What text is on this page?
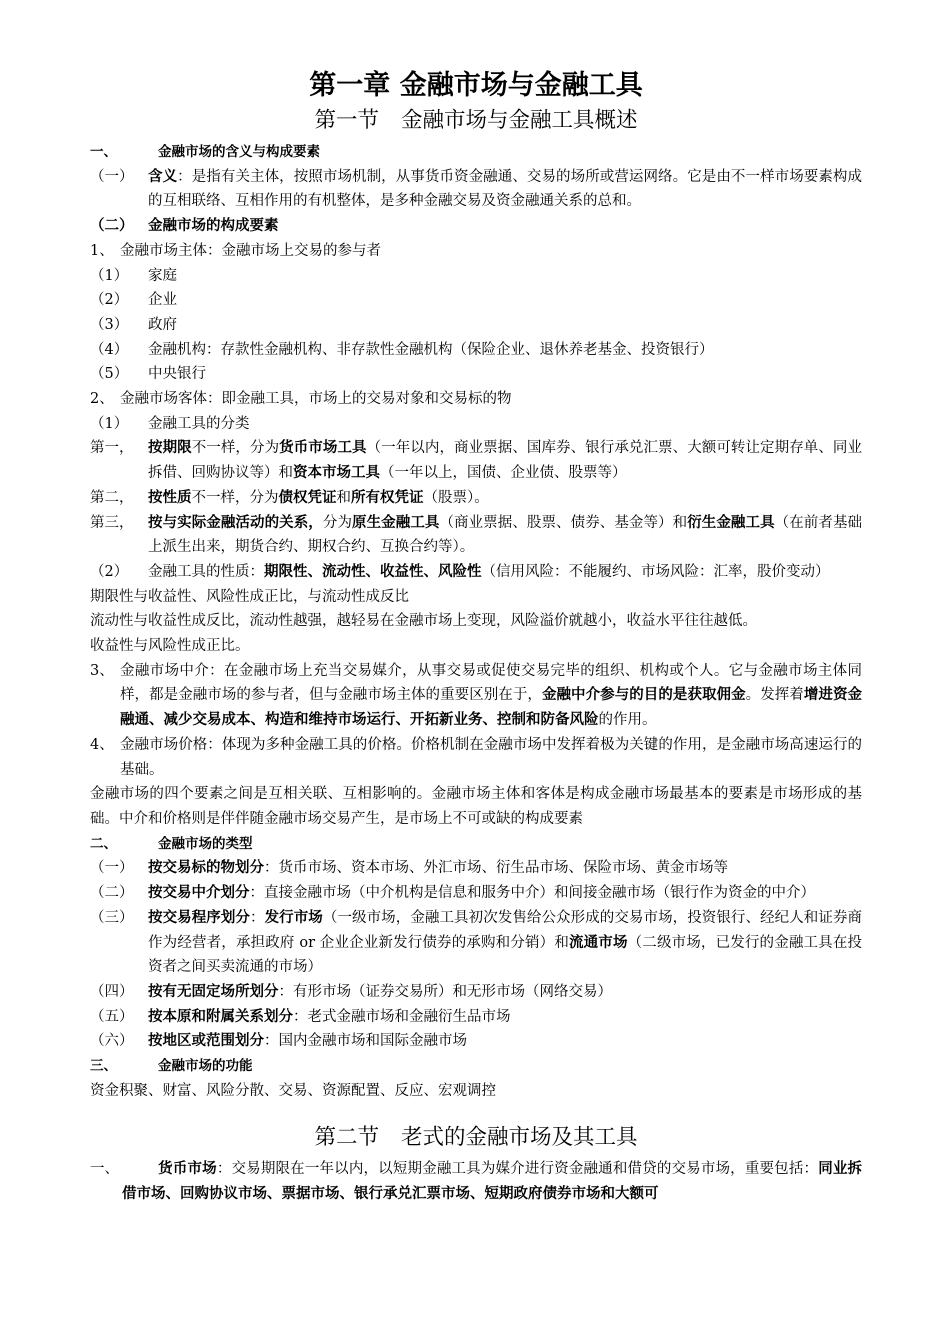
第一章 金融市场与金融工具
第一节 金融市场与金融工具概述
一、	金融市场的含义与构成要素
（一） 含义：是指有关主体，按照市场机制，从事货币资金融通、交易的场所或营运网络。它是由不一样市场要素构成的互相联络、互相作用的有机整体，是多种金融交易及资金融通关系的总和。
（二） 金融市场的构成要素
1、 金融市场主体：金融市场上交易的参与者
（1） 家庭
（2） 企业
（3） 政府
（4） 金融机构：存款性金融机构、非存款性金融机构（保险企业、退休养老基金、投资银行）
（5） 中央银行
2、 金融市场客体：即金融工具，市场上的交易对象和交易标的物
（1） 金融工具的分类
第一， 按期限不一样，分为货币市场工具（一年以内，商业票据、国库券、银行承兑汇票、大额可转让定期存单、同业拆借、回购协议等）和资本市场工具（一年以上，国债、企业债、股票等）
第二， 按性质不一样，分为债权凭证和所有权凭证（股票）。
第三， 按与实际金融活动的关系，分为原生金融工具（商业票据、股票、债券、基金等）和衍生金融工具（在前者基础上派生出来，期货合约、期权合约、互换合约等）。
（2） 金融工具的性质：期限性、流动性、收益性、风险性（信用风险：不能履约、市场风险：汇率，股价变动）
期限性与收益性、风险性成正比，与流动性成反比
流动性与收益性成反比，流动性越强，越轻易在金融市场上变现，风险溢价就越小，收益水平往往越低。
收益性与风险性成正比。
3、 金融市场中介：在金融市场上充当交易媒介，从事交易或促使交易完毕的组织、机构或个人。它与金融市场主体同样，都是金融市场的参与者，但与金融市场主体的重要区别在于，金融中介参与的目的是获取佣金。发挥着增进资金融通、减少交易成本、构造和维持市场运行、开拓新业务、控制和防备风险的作用。
4、 金融市场价格：体现为多种金融工具的价格。价格机制在金融市场中发挥着极为关键的作用，是金融市场高速运行的基础。
金融市场的四个要素之间是互相关联、互相影响的。金融市场主体和客体是构成金融市场最基本的要素是市场形成的基础。中介和价格则是伴伴随金融市场交易产生，是市场上不可或缺的构成要素
二、	金融市场的类型
（一） 按交易标的物划分：货币市场、资本市场、外汇市场、衍生品市场、保险市场、黄金市场等
（二） 按交易中介划分：直接金融市场（中介机构是信息和服务中介）和间接金融市场（银行作为资金的中介）
（三） 按交易程序划分：发行市场（一级市场，金融工具初次发售给公众形成的交易市场，投资银行、经纪人和证券商作为经营者，承担政府 or 企业企业新发行债券的承购和分销）和流通市场（二级市场，已发行的金融工具在投资者之间买卖流通的市场）
（四） 按有无固定场所划分：有形市场（证券交易所）和无形市场（网络交易）
（五） 按本原和附属关系划分：老式金融市场和金融衍生品市场
（六） 按地区或范围划分：国内金融市场和国际金融市场
三、	金融市场的功能
资金积聚、财富、风险分散、交易、资源配置、反应、宏观调控
第二节 老式的金融市场及其工具
一、	货币市场：交易期限在一年以内，以短期金融工具为媒介进行资金融通和借贷的交易市场，重要包括：同业拆借市场、回购协议市场、票据市场、银行承兑汇票市场、短期政府债券市场和大额可
